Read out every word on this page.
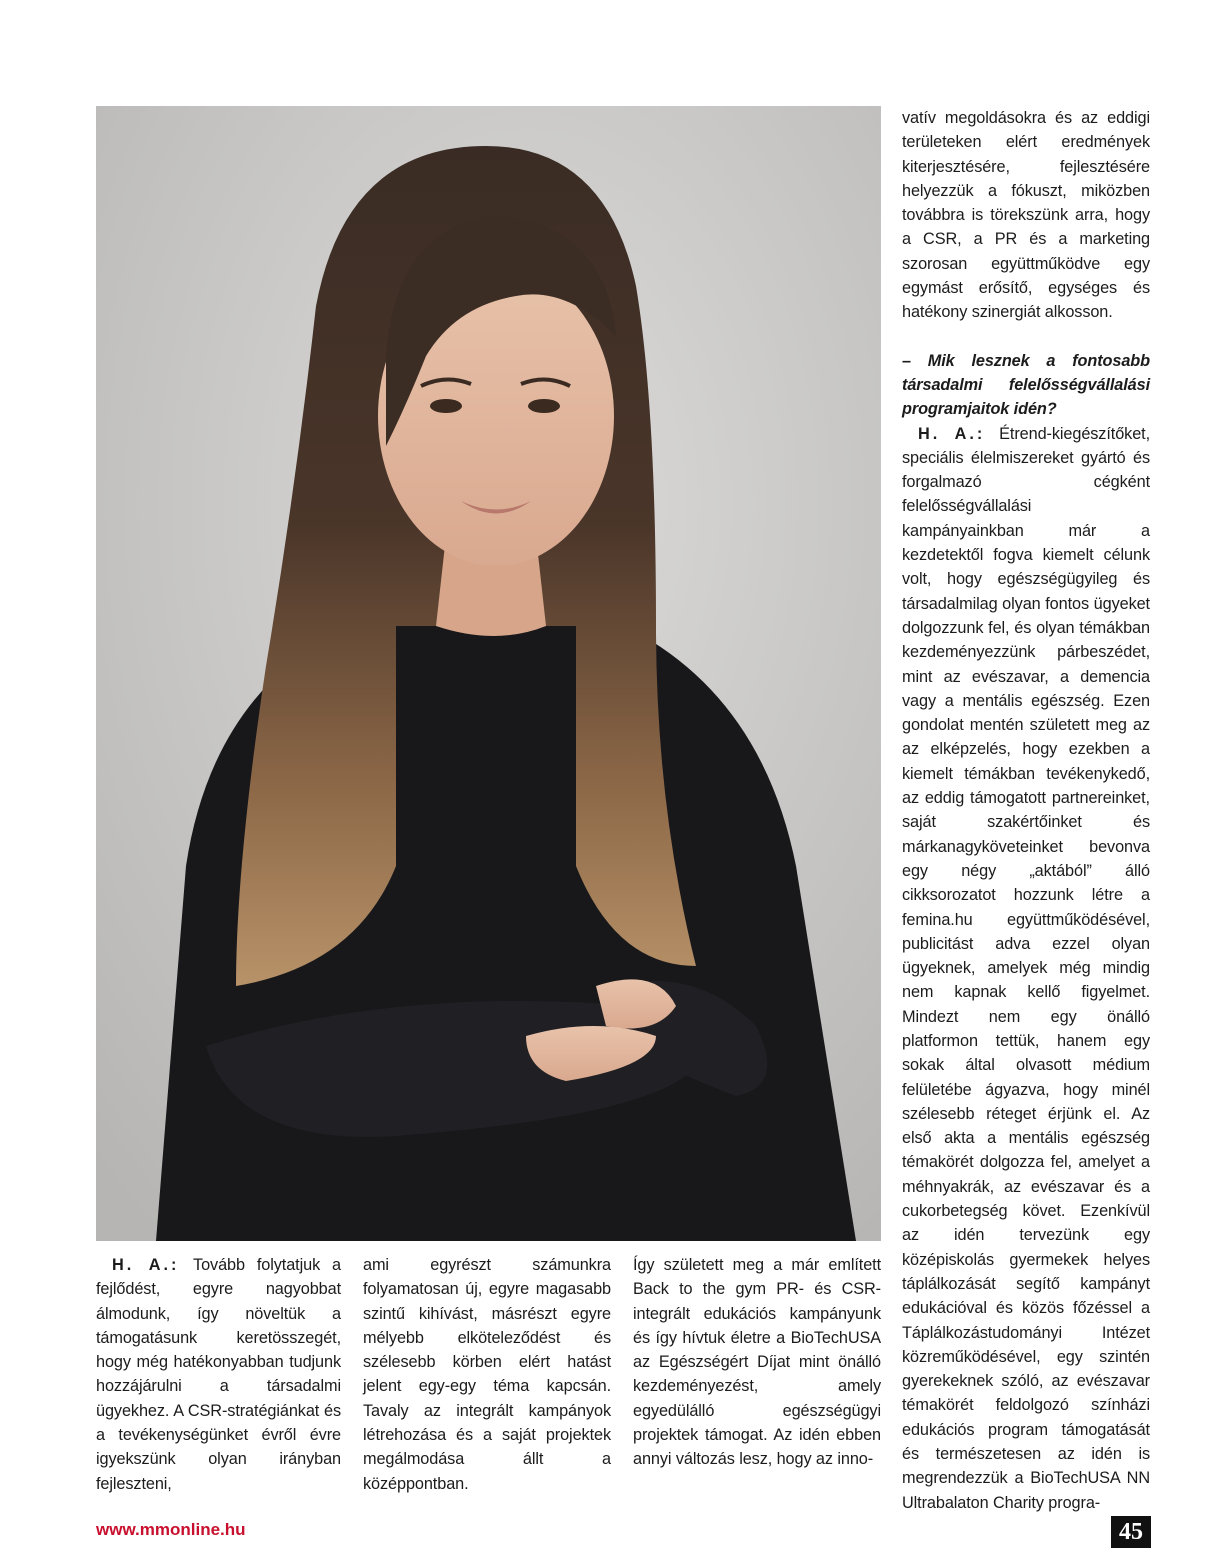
vatív megoldásokra és az eddigi területeken elért eredmények kiterjesztésére, fejlesztésére helyezzük a fókuszt, miközben továbbra is törekszünk arra, hogy a CSR, a PR és a marketing szorosan együttműködve egy egymást erősítő, egységes és hatékony szinergiát alkosson.

– Mik lesznek a fontosabb társadalmi felelősségvállalási programjaitok idén?

H. A.: Étrend-kiegészítőket, speciális élelmiszereket gyártó és forgalmazó cégként felelősségvállalási kampányainkban már a kezdetektől fogva kiemelt célunk volt, hogy egészségügyileg és társadalmilag olyan fontos ügyeket dolgozzunk fel, és olyan témákban kezdeményezzünk párbeszédet, mint az evészavar, a demencia vagy a mentális egészség. Ezen gondolat mentén született meg az az elképzelés, hogy ezekben a kiemelt témákban tevékenykedő, az eddig támogatott partnereinket, saját szakértőinket és márkanagyköveteinket bevonva egy négy „aktából” álló cikksorozatot hozzunk létre a femina.hu együttműködésével, publicitást adva ezzel olyan ügyeknek, amelyek még mindig nem kapnak kellő figyelmet. Mindezt nem egy önálló platformon tettük, hanem egy sokak által olvasott médium felületébe ágyazva, hogy minél szélesebb réteget érjünk el. Az első akta a mentális egészség témakörét dolgozza fel, amelyet a méhnyakrák, az evészavar és a cukorbetegség követ. Ezenkívül az idén tervezünk egy középiskolás gyermekek helyes táplálkozását segítő kampányt edukációval és közös főzéssel a Táplálkozástudományi Intézet közreműködésével, egy szintén gyerekeknek szóló, az evészavar témakörét feldolgozó színházi edukációs program támogatását és természetesen az idén is megrendezzük a BioTechUSA NN Ultrabalaton Charity progra-

H. A.: Tovább folytatjuk a fejlődést, egyre nagyobbat álmodunk, így növeltük a támogatásunk keretösszegét, hogy még hatékonyabban tudjunk hozzájárulni a társadalmi ügyekhez. A CSR-stratégiánkat és a tevékenységünket évről évre igyekszünk olyan irányban fejleszteni,

ami egyrészt számunkra folyamatosan új, egyre magasabb szintű kihívást, másrészt egyre mélyebb elköteleződést és szélesebb körben elért hatást jelent egy-egy téma kapcsán. Tavaly az integrált kampányok létrehozása és a saját projektek megálmodása állt a középpontban.

Így született meg a már említett Back to the gym PR- és CSR-integrált edukációs kampányunk és így hívtuk életre a BioTechUSA az Egészségért Díjat mint önálló kezdeményezést, amely egyedülálló egészségügyi projektek támogat. Az idén ebben annyi változás lesz, hogy az inno-

www.mmonline.hu	45
